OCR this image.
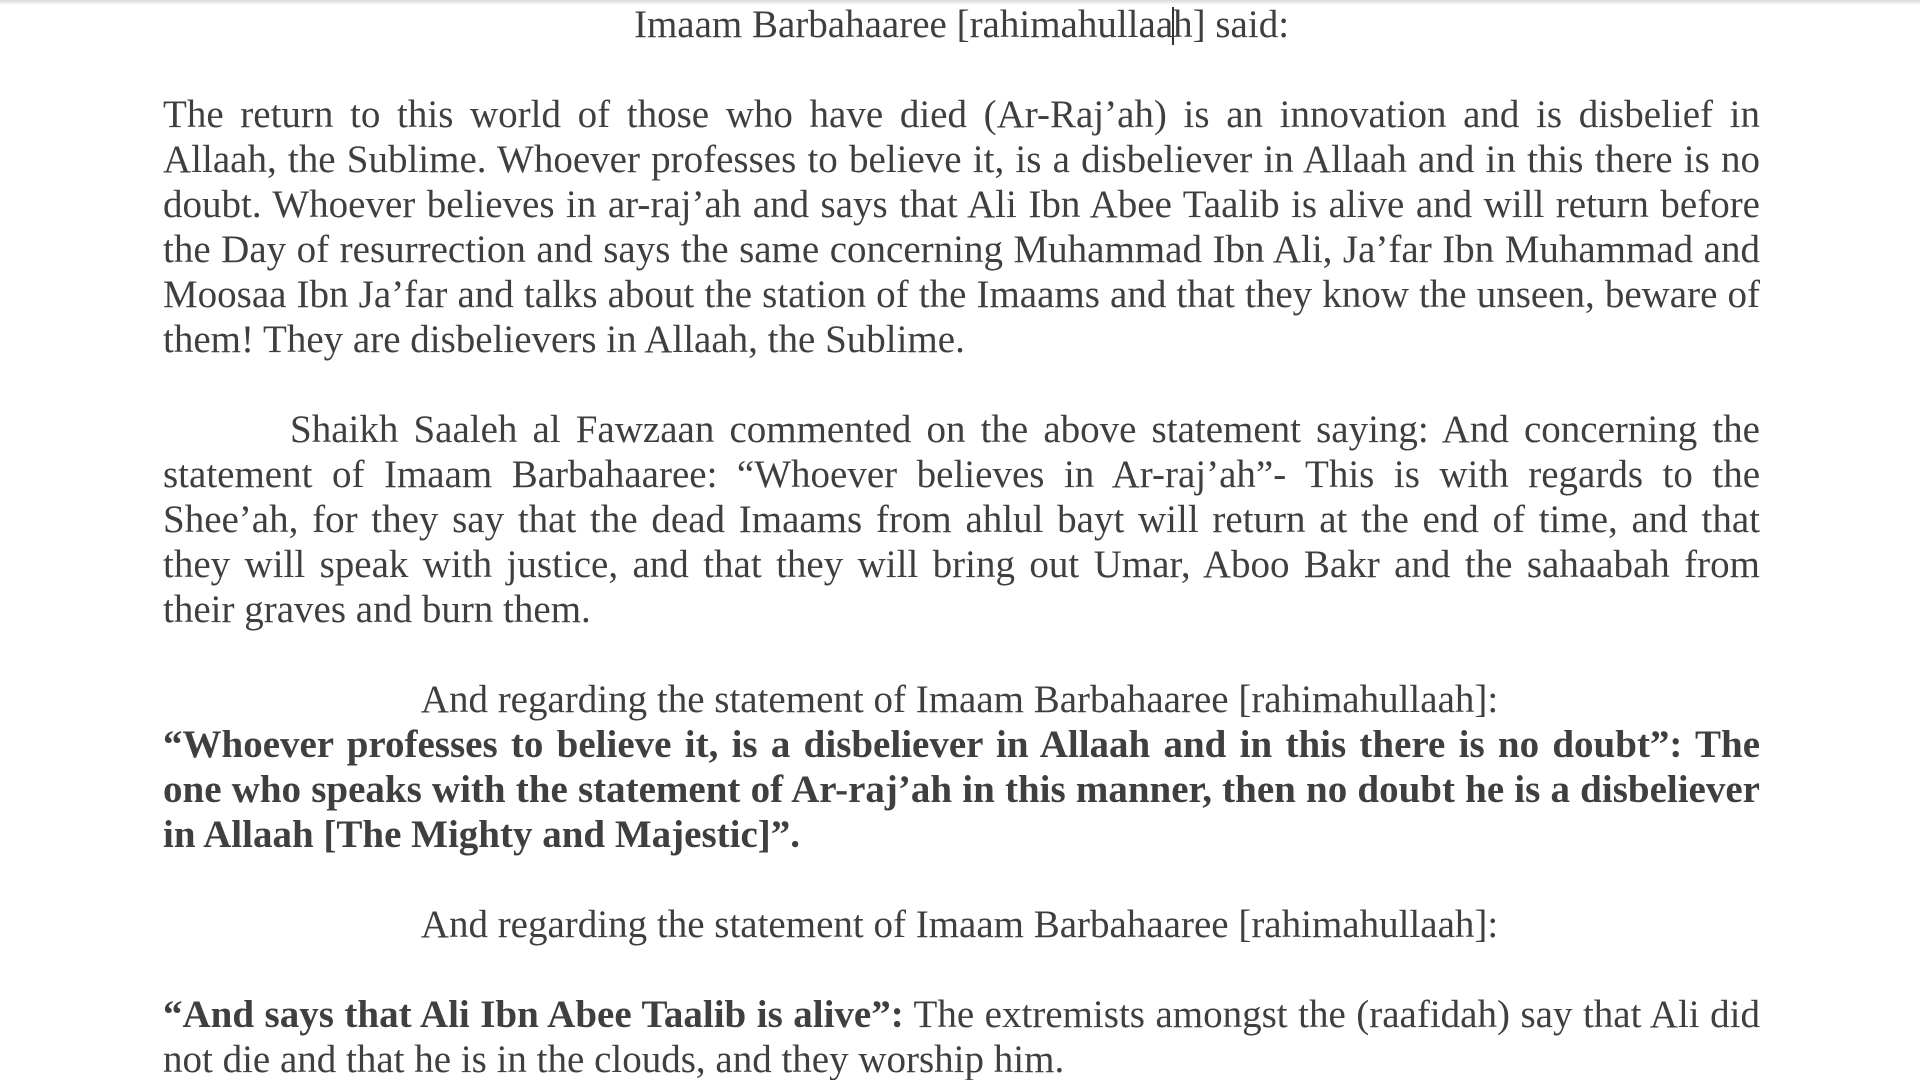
Imaam Barbahaaree [rahimahullaah] said:

The return to this world of those who have died (Ar-Raj’ah) is an innovation and is disbelief in Allaah, the Sublime. Whoever professes to believe it, is a disbeliever in Allaah and in this there is no doubt. Whoever believes in ar-raj’ah and says that Ali Ibn Abee Taalib is alive and will return before the Day of resurrection and says the same concerning Muhammad Ibn Ali, Ja’far Ibn Muhammad and Moosaa Ibn Ja’far and talks about the station of the Imaams and that they know the unseen, beware of them! They are disbelievers in Allaah, the Sublime.

Shaikh Saaleh al Fawzaan commented on the above statement saying: And concerning the statement of Imaam Barbahaaree: “Whoever believes in Ar-raj’ah”- This is with regards to the Shee’ah, for they say that the dead Imaams from ahlul bayt will return at the end of time, and that they will speak with justice, and that they will bring out Umar, Aboo Bakr and the sahaabah from their graves and burn them.

And regarding the statement of Imaam Barbahaaree [rahimahullaah]:

“Whoever professes to believe it, is a disbeliever in Allaah and in this there is no doubt”: The one who speaks with the statement of Ar-raj’ah in this manner, then no doubt he is a disbeliever in Allaah [The Mighty and Majestic]”.

And regarding the statement of Imaam Barbahaaree [rahimahullaah]:

“And says that Ali Ibn Abee Taalib is alive”: The extremists amongst the (raafidah) say that Ali did not die and that he is in the clouds, and they worship him.
